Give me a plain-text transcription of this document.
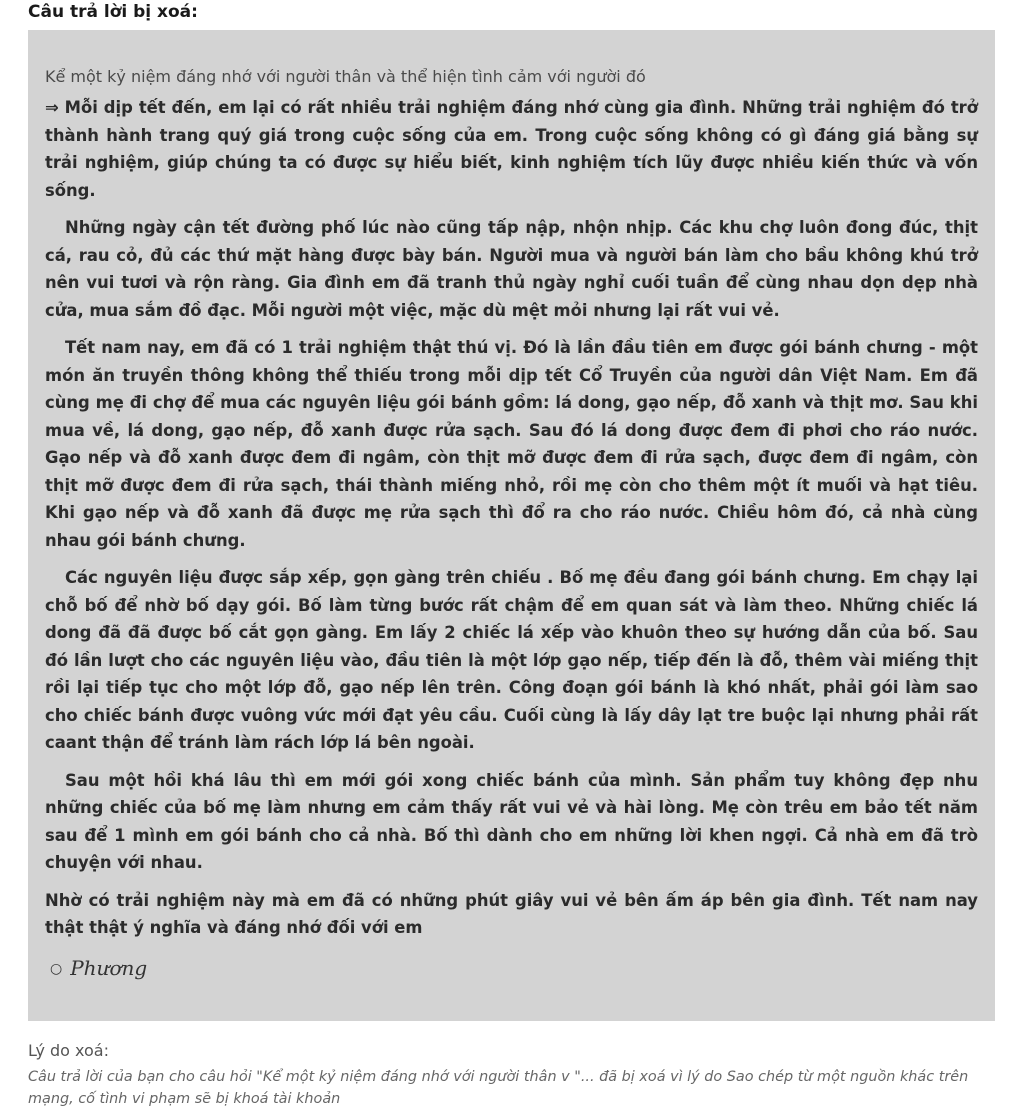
Câu trả lời bị xoá:
Kể một kỷ niệm đáng nhớ với người thân và thể hiện tình cảm với người đó
⇒ Mỗi dịp tết đến, em lại có rất nhiều trải nghiệm đáng nhớ cùng gia đình. Những trải nghiệm đó trở thành hành trang quý giá trong cuộc sống của em. Trong cuộc sống không có gì đáng giá bằng sự trải nghiệm, giúp chúng ta có được sự hiểu biết, kinh nghiệm tích lũy được nhiều kiến thức và vốn sống.
Những ngày cận tết đường phố lúc nào cũng tấp nập, nhộn nhịp. Các khu chợ luôn đong đúc, thịt cá, rau cỏ, đủ các thứ mặt hàng được bày bán. Người mua và người bán làm cho bầu không khú trở nên vui tươi và rộn ràng. Gia đình em đã tranh thủ ngày nghỉ cuối tuần để cùng nhau dọn dẹp nhà cửa, mua sắm đồ đạc. Mỗi người một việc, mặc dù mệt mỏi nhưng lại rất vui vẻ.
Tết nam nay, em đã có 1 trải nghiệm thật thú vị. Đó là lần đầu tiên em được gói bánh chưng - một món ăn truyền thông không thể thiếu trong mỗi dịp tết Cổ Truyền của người dân Việt Nam. Em đã cùng mẹ đi chợ để mua các nguyên liệu gói bánh gồm: lá dong, gạo nếp, đỗ xanh và thịt mơ. Sau khi mua về, lá dong, gạo nếp, đỗ xanh được rửa sạch. Sau đó lá dong được đem đi phơi cho ráo nước. Gạo nếp và đỗ xanh được đem đi ngâm, còn thịt mỡ được đem đi rửa sạch, được đem đi ngâm, còn thịt mỡ được đem đi rửa sạch, thái thành miếng nhỏ, rồi mẹ còn cho thêm một ít muối và hạt tiêu. Khi gạo nếp và đỗ xanh đã được mẹ rửa sạch thì đổ ra cho ráo nước. Chiều hôm đó, cả nhà cùng nhau gói bánh chưng.
Các nguyên liệu được sắp xếp, gọn gàng trên chiếu . Bố mẹ đều đang gói bánh chưng. Em chạy lại chỗ bố để nhờ bố dạy gói. Bố làm từng bước rất chậm để em quan sát và làm theo. Những chiếc lá dong đã đã được bố cắt gọn gàng. Em lấy 2 chiếc lá xếp vào khuôn theo sự hướng dẫn của bố. Sau đó lần lượt cho các nguyên liệu vào, đầu tiên là một lớp gạo nếp, tiếp đến là đỗ, thêm vài miếng thịt rồi lại tiếp tục cho một lớp đỗ, gạo nếp lên trên. Công đoạn gói bánh là khó nhất, phải gói làm sao cho chiếc bánh được vuông vức mới đạt yêu cầu. Cuối cùng là lấy dây lạt tre buộc lại nhưng phải rất caant thận để tránh làm rách lớp lá bên ngoài.
Sau một hồi khá lâu thì em mới gói xong chiếc bánh của mình. Sản phẩm tuy không đẹp nhu những chiếc của bố mẹ làm nhưng em cảm thấy rất vui vẻ và hài lòng. Mẹ còn trêu em bảo tết năm sau để 1 mình em gói bánh cho cả nhà. Bố thì dành cho em những lời khen ngợi. Cả nhà em đã trò chuyện với nhau.
Nhờ có trải nghiệm này mà em đã có những phút giây vui vẻ bên ấm áp bên gia đình. Tết nam nay thật thật ý nghĩa và đáng nhớ đối với em
○ Phương
Lý do xoá:
Câu trả lời của bạn cho câu hỏi "Kể một kỷ niệm đáng nhớ với người thân v "... đã bị xoá vì lý do Sao chép từ một nguồn khác trên mạng, cố tình vi phạm sẽ bị khoá tài khoản
